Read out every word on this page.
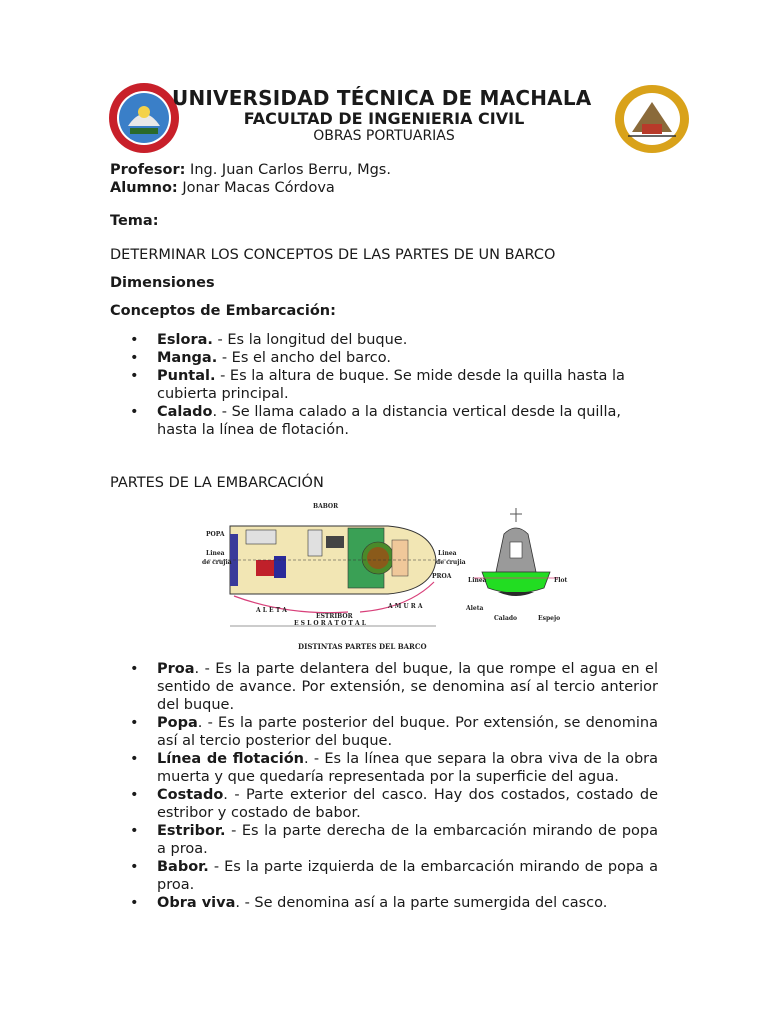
UNIVERSIDAD TÉCNICA DE MACHALA
FACULTAD DE INGENIERIA CIVIL
OBRAS PORTUARIAS
Profesor: Ing. Juan Carlos Berru, Mgs.
Alumno: Jonar Macas Córdova
Tema:
DETERMINAR LOS CONCEPTOS DE LAS PARTES DE UN BARCO
Dimensiones
Conceptos de Embarcación:
• Eslora. - Es la longitud del buque.
• Manga. - Es el ancho del barco.
• Puntal. - Es la altura de buque. Se mide desde la quilla hasta la cubierta principal.
• Calado. - Se llama calado a la distancia vertical desde la quilla, hasta la línea de flotación.
PARTES DE LA EMBARCACIÓN
BABOR
POPA
Linea
de crujia
Linea
de crujia
PROA
A L E T A
A M U R A
ESTRIBOR
E S L O R A T O T A L
DISTINTAS PARTES DEL BARCO
Linea	Flot
Aleta
Calado	Espejo
• Proa. - Es la parte delantera del buque, la que rompe el agua en el sentido de avance. Por extensión, se denomina así al tercio anterior del buque.
• Popa. - Es la parte posterior del buque. Por extensión, se denomina así al tercio posterior del buque.
• Línea de flotación. - Es la línea que separa la obra viva de la obra muerta y que quedaría representada por la superficie del agua.
• Costado. - Parte exterior del casco. Hay dos costados, costado de estribor y costado de babor.
• Estribor. - Es la parte derecha de la embarcación mirando de popa a proa.
• Babor. - Es la parte izquierda de la embarcación mirando de popa a proa.
• Obra viva. - Se denomina así a la parte sumergida del casco.
